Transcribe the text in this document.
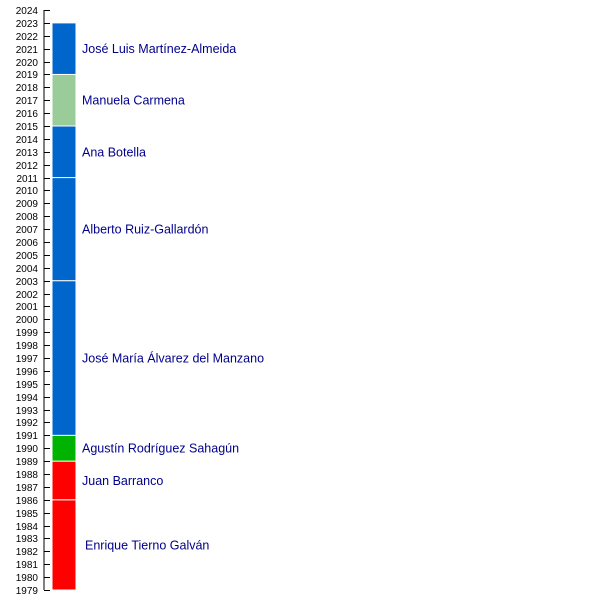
1979
1980
1981
1982
1983
1984
1985
1986
1987
1988
1989
1990
1991
1992
1993
1994
1995
1996
1997
1998
1999
2000
2001
2002
2003
2004
2005
2006
2007
2008
2009
2010
2011
2012
2013
2014
2015
2016
2017
2018
2019
2020
2021
2022
2023
2024
Enrique Tierno Galván
Juan Barranco
Agustín Rodríguez Sahagún
José María Álvarez del Manzano
Alberto Ruiz-Gallardón
Ana Botella
Manuela Carmena
José Luis Martínez-Almeida
